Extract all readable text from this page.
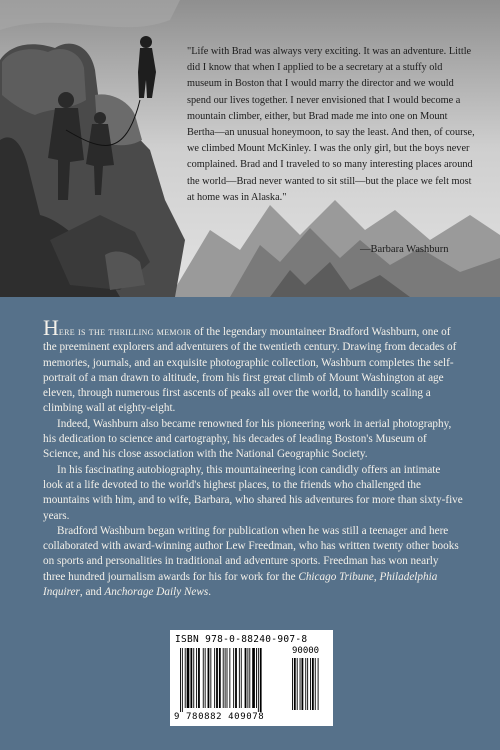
"Life with Brad was always very exciting. It was an adventure. Little did I know that when I applied to be a secretary at a stuffy old museum in Boston that I would marry the director and we would spend our lives together. I never envisioned that I would become a mountain climber, either, but Brad made me into one on Mount Bertha—an unusual honeymoon, to say the least. And then, of course, we climbed Mount McKinley. I was the only girl, but the boys never complained. Brad and I traveled to so many interesting places around the world—Brad never wanted to sit still—but the place we felt most at home was in Alaska."

—Barbara Washburn

Here is the thrilling memoir of the legendary mountaineer Bradford Washburn, one of the preeminent explorers and adventurers of the twentieth century. Drawing from decades of memories, journals, and an exquisite photographic collection, Washburn completes the self-portrait of a man drawn to altitude, from his first great climb of Mount Washington at age eleven, through numerous first ascents of peaks all over the world, to handily scaling a climbing wall at eighty-eight.

Indeed, Washburn also became renowned for his pioneering work in aerial photography, his dedication to science and cartography, his decades of leading Boston's Museum of Science, and his close association with the National Geographic Society.

In his fascinating autobiography, this mountaineering icon candidly offers an intimate look at a life devoted to the world's highest places, to the friends who challenged the mountains with him, and to wife, Barbara, who shared his adventures for more than sixty-five years.

Bradford Washburn began writing for publication when he was still a teenager and here collaborated with award-winning author Lew Freedman, who has written twenty other books on sports and personalities in traditional and adventure sports. Freedman has won nearly three hundred journalism awards for his for work for the Chicago Tribune, Philadelphia Inquirer, and Anchorage Daily News.

ISBN 978-0-88240-907-8
90000
9 780882 409078
